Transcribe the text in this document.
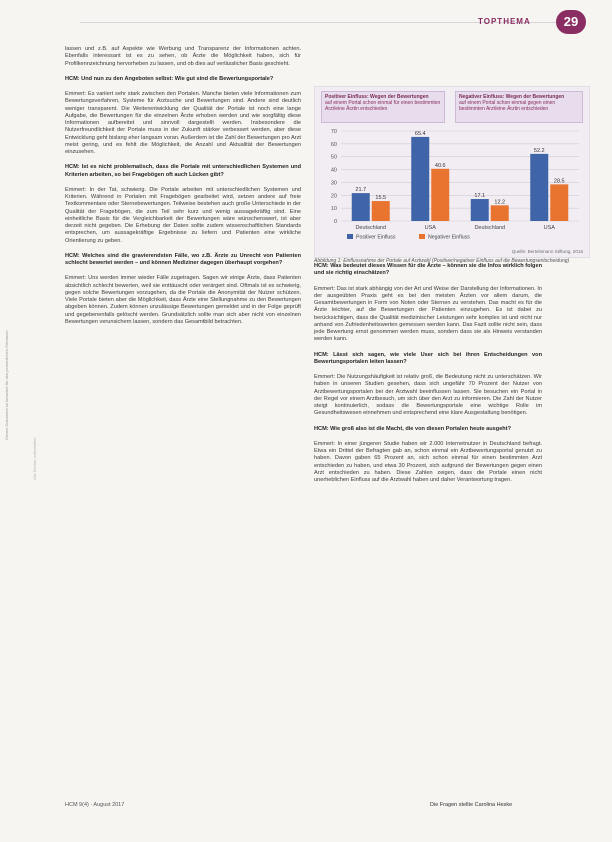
TOPTHEMA	29

lassen und z.B. auf Aspekte wie Werbung und Transparenz der Informationen achten. Ebenfalls interessant ist es zu sehen, ob Ärzte die Möglichkeit haben, sich für Profilkennzeichnung hervorheben zu lassen, und ob dies auf verlässlicher Basis geschieht.

HCM: Und nun zu den Angeboten selbst: Wie gut sind die Bewertungsportale?

Emmert: Es variiert sehr stark zwischen den Portalen. Manche bieten viele Informationen zum Bewertungsverfahren, Systeme für Arztsuche und Bewertungen sind. Andere sind deutlich weniger transparent. Die Weiterentwicklung der Qualität der Portale ist noch eine lange Aufgabe, die Bewertungen für die einzelnen Ärzte erhoben werden und wie sorgfältig diese Informationen aufbereitet und sinnvoll dargestellt werden. Insbesondere die Nutzerfreundlichkeit der Portale muss in der Zukunft stärker verbessert werden, aber diese Entwicklung geht bislang eher langsam voran. Außerdem ist die Zahl der Bewertungen pro Arzt meist gering, und es fehlt die Möglichkeit, die Anzahl und Aktualität der Bewertungen einzusehen.

HCM: Ist es nicht problematisch, dass die Portale mit unterschiedlichen Systemen und Kriterien arbeiten, so bei Fragebögen oft auch Lücken gibt?

Emmert: In der Tat, schwierig. Die Portale arbeiten mit unterschiedlichen Systemen und Kriterien. Während in Portalen mit Fragebögen gearbeitet wird, setzen andere auf freie Textkommentare oder Sternebewertungen. Teilweise bestehen auch große Unterschiede in der Qualität der Fragebögen, die zum Teil sehr kurz und wenig aussagekräftig sind. Eine einheitliche Basis für die Vergleichbarkeit der Bewertungen wäre wünschenswert, ist aber derzeit nicht gegeben. Die Erhebung der Daten sollte zudem wissenschaftlichen Standards entsprechen, um aussagekräftige Ergebnisse zu liefern und Patienten eine wirkliche Orientierung zu geben.

HCM: Welches sind die gravierendsten Fälle, wo z.B. Ärzte zu Unrecht von Patienten schlecht bewertet werden – und können Mediziner dagegen überhaupt vorgehen?

Emmert: Uns werden immer wieder Fälle zugetragen. Sagen wir einige Ärzte, dass Patienten absichtlich schlecht bewerten, weil sie enttäuscht oder verärgert sind. Oftmals ist es schwierig, gegen solche Bewertungen vorzugehen, da die Portale die Anonymität der Nutzer schützen. Viele Portale bieten aber die Möglichkeit, dass Ärzte eine Stellungnahme zu den Bewertungen abgeben können. Zudem können unzulässige Bewertungen gemeldet und in der Folge geprüft und gegebenenfalls gelöscht werden. Grundsätzlich sollte man sich aber nicht von einzelnen Bewertungen verunsichern lassen, sondern das Gesamtbild betrachten.

Positiver Einfluss: Wegen der Bewertungen
auf einem Portal schon einmal für einen bestimmten Arzt/eine Ärztin entschieden
Negativer Einfluss: Wegen der Bewertungen
auf einem Portal schon einmal gegen einen bestimmten Arzt/eine Ärztin entschieden
0
10
20
30
40
50
60
70
21.7
15.5
Deutschland
65.4
40.6
USA
17.1
12.2
Deutschland
52.2
28.5
USA
Positiver Einfluss	Negativer Einfluss
Quelle: Bertelsmann Stiftung, 2015
Abbildung 1: Einflussnahme der Portale auf Arztwahl (Positiver/negativer Einfluss auf die Bewertungsentscheidung)

HCM: Was bedeutet dieses Wissen für die Ärzte – können sie die Infos wirklich folgen und sie richtig einschätzen?

Emmert: Das ist stark abhängig von der Art und Weise der Darstellung der Informationen. In der ausgeübten Praxis geht es bei den meisten Ärzten vor allem darum, die Gesamtbewertungen in Form von Noten oder Sternen zu verstehen. Das macht es für die Ärzte leichter, auf die Bewertungen der Patienten einzugehen. Es ist dabei zu berücksichtigen, dass die Qualität medizinischer Leistungen sehr komplex ist und nicht nur anhand von Zufriedenheitswerten gemessen werden kann. Das Fazit sollte nicht sein, dass jede Bewertung ernst genommen werden muss, sondern dass sie als Hinweis verstanden werden kann.

HCM: Lässt sich sagen, wie viele User sich bei ihren Entscheidungen von Bewertungsportalen leiten lassen?

Emmert: Die Nutzungshäufigkeit ist relativ groß, die Bedeutung nicht zu unterschätzen. Wir haben in unseren Studien gesehen, dass sich ungefähr 70 Prozent der Nutzer von Arztbewertungsportalen bei der Arztwahl beeinflussen lassen. Sie besuchen ein Portal in der Regel vor einem Arztbesuch, um sich über den Arzt zu informieren. Die Zahl der Nutzer steigt kontinuierlich, sodass die Bewertungsportale eine wichtige Rolle im Gesundheitswesen einnehmen und entsprechend eine klare Ausgestaltung benötigen.

HCM: Wie groß also ist die Macht, die von diesen Portalen heute ausgeht?

Emmert: In einer jüngeren Studie haben wir 2.000 Internetnutzer in Deutschland befragt. Etwa ein Drittel der Befragten gab an, schon einmal ein Arztbewertungsportal genutzt zu haben. Davon gaben 65 Prozent an, sich schon einmal für einen bestimmten Arzt entschieden zu haben, und etwa 30 Prozent, sich aufgrund der Bewertungen gegen einen Arzt entschieden zu haben. Diese Zahlen zeigen, dass die Portale einen nicht unerheblichen Einfluss auf die Arztwahl haben und daher Verantwortung tragen.

HCM 9(4) · August 2017	Die Fragen stellte Carolina Heske
Dieses Dokument ist lizenziert für den persönlichen Gebrauch
Alle Rechte vorbehalten
